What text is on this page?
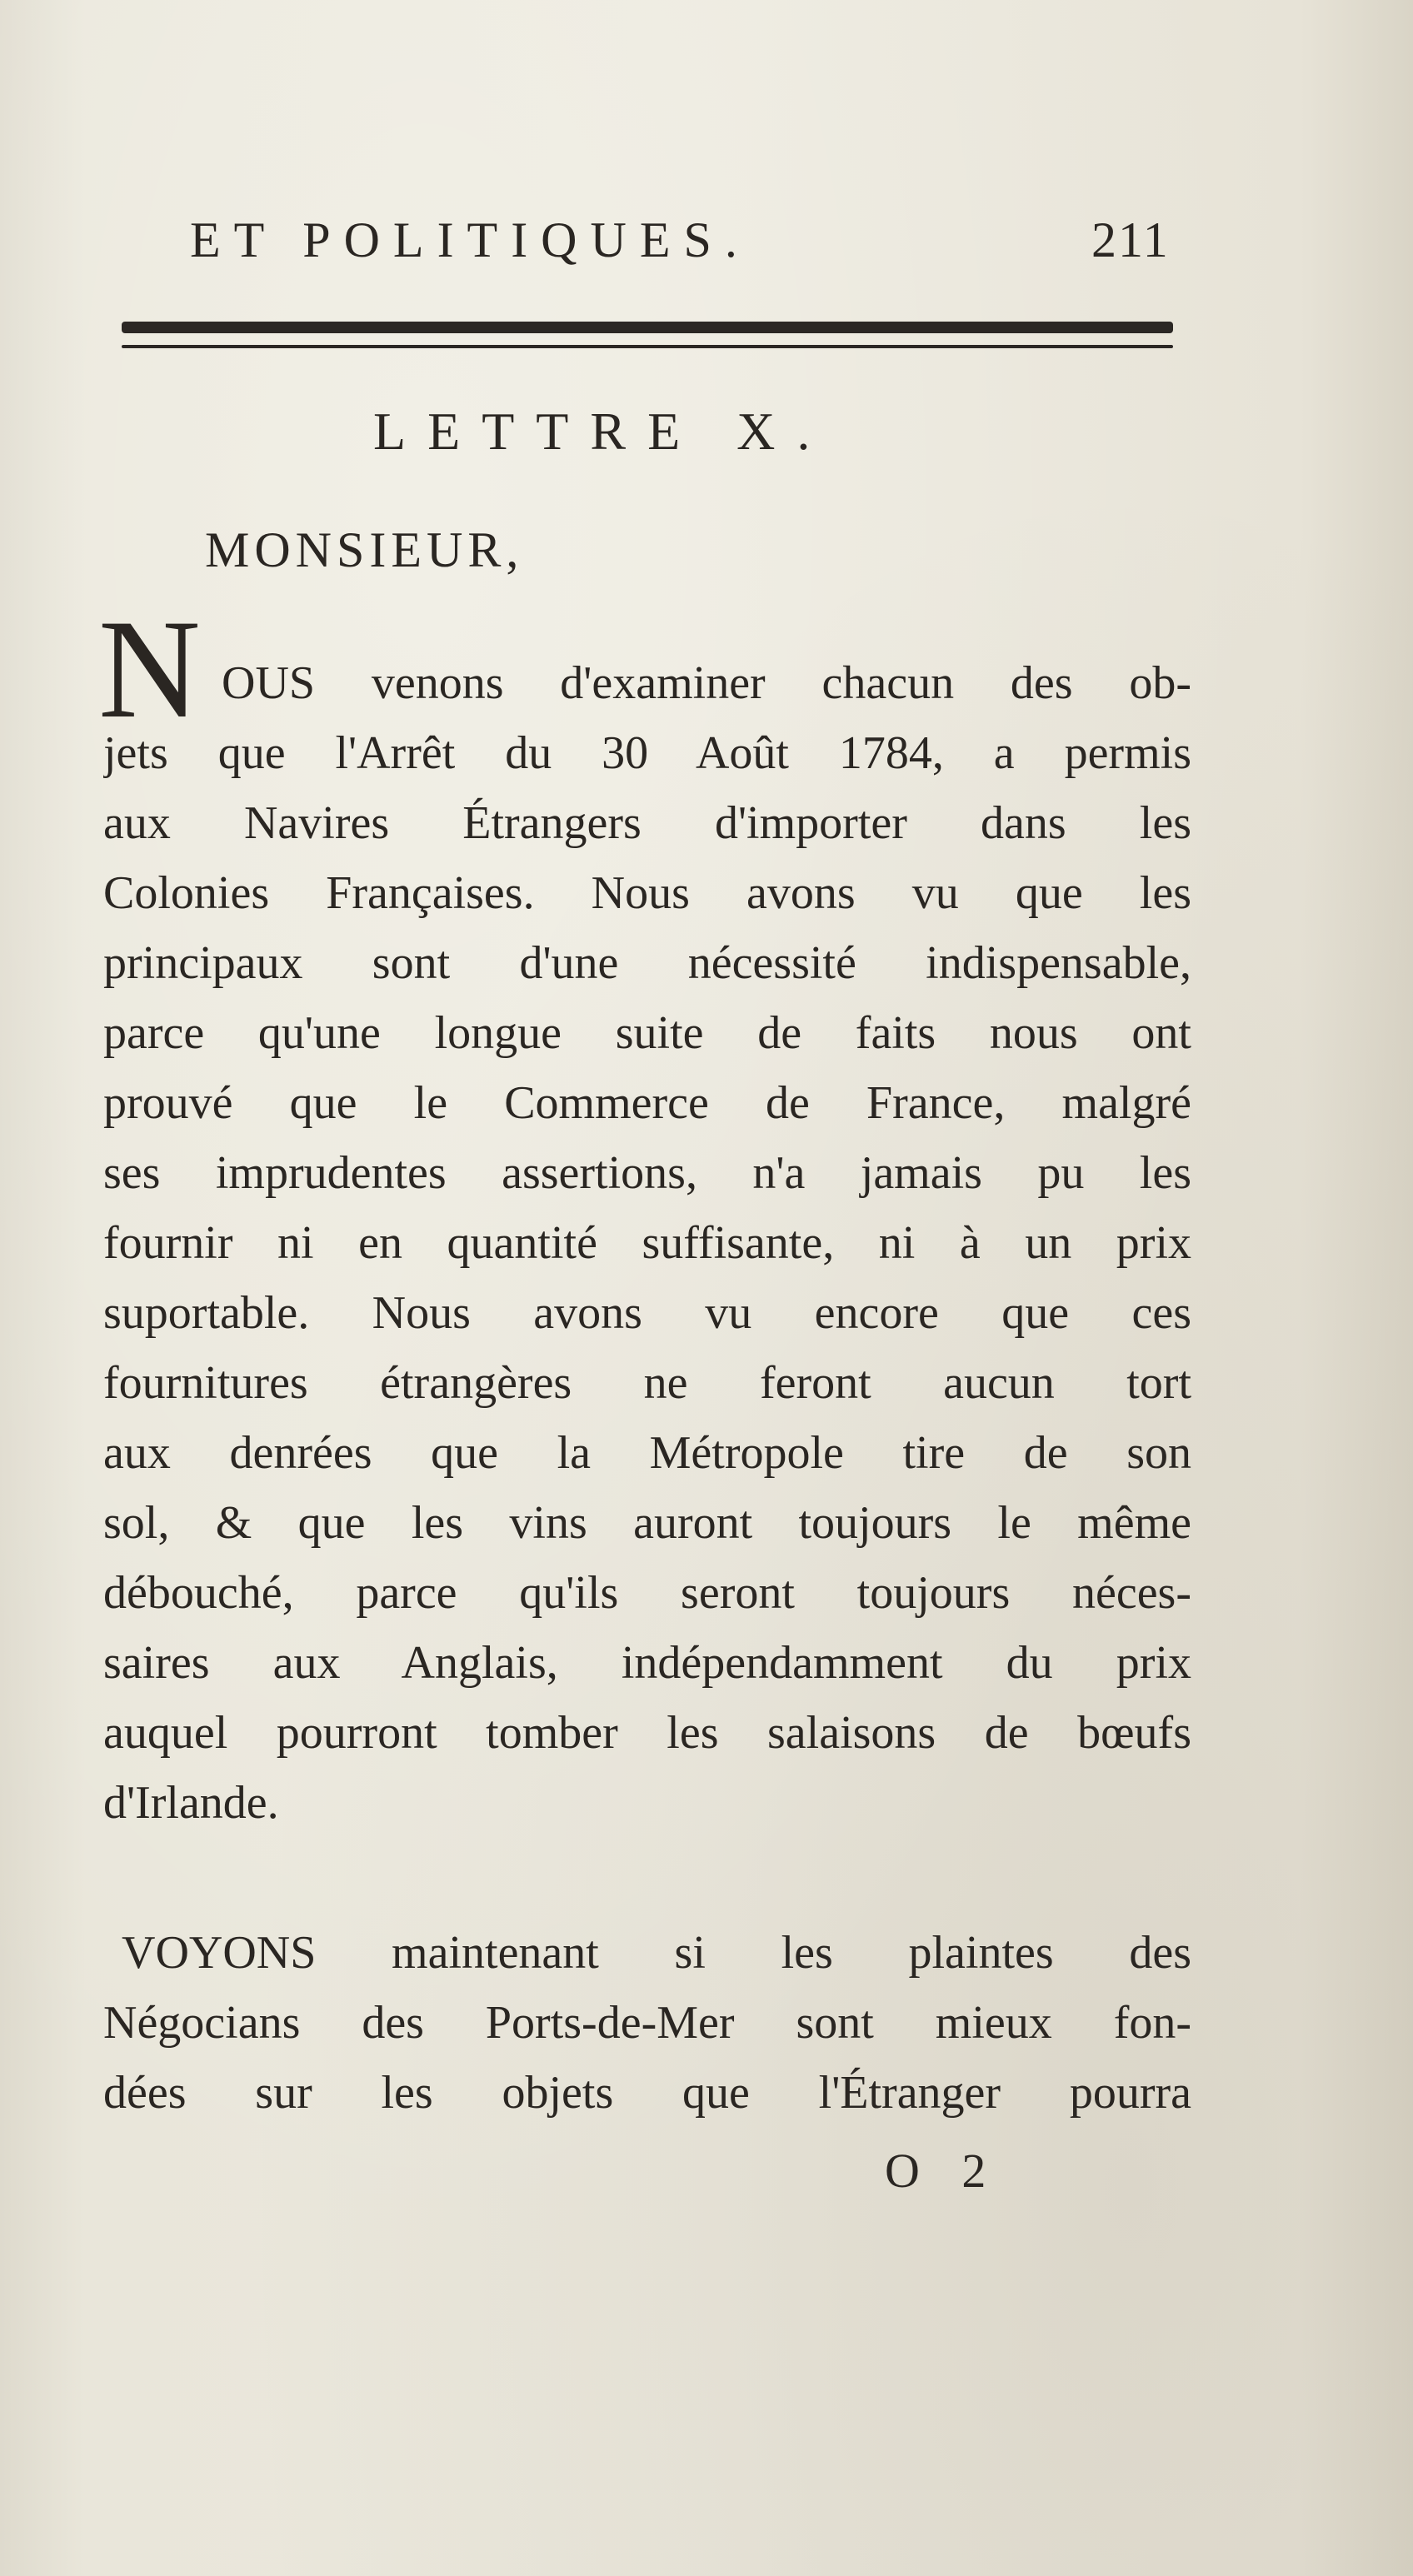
ET POLITIQUES.	211
LETTRE X.
MONSIEUR,
N OUS venons d'examiner chacun des ob-
jets que l'Arrêt du 30 Août 1784, a permis
aux Navires Étrangers d'importer dans les
Colonies Françaises. Nous avons vu que les
principaux sont d'une nécessité indispensable,
parce qu'une longue suite de faits nous ont
prouvé que le Commerce de France, malgré
ses imprudentes assertions, n'a jamais pu les
fournir ni en quantité suffisante, ni à un prix
suportable. Nous avons vu encore que ces
fournitures étrangères ne feront aucun tort
aux denrées que la Métropole tire de son
sol, & que les vins auront toujours le même
débouché, parce qu'ils seront toujours néces-
saires aux Anglais, indépendamment du prix
auquel pourront tomber les salaisons de bœufs
d'Irlande.
VOYONS maintenant si les plaintes des
Négocians des Ports-de-Mer sont mieux fon-
dées sur les objets que l'Étranger pourra
O 2
